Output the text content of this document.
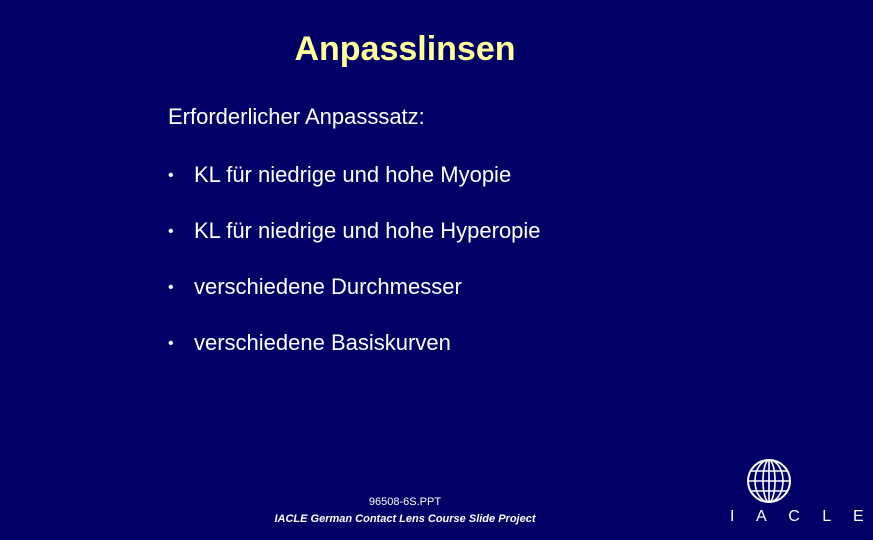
Anpasslinsen
Erforderlicher Anpasssatz:
• KL für niedrige und hohe Myopie
• KL für niedrige und hohe Hyperopie
• verschiedene Durchmesser
• verschiedene Basiskurven
96508-6S.PPT
IACLE German Contact Lens Course Slide Project	I A C L E
